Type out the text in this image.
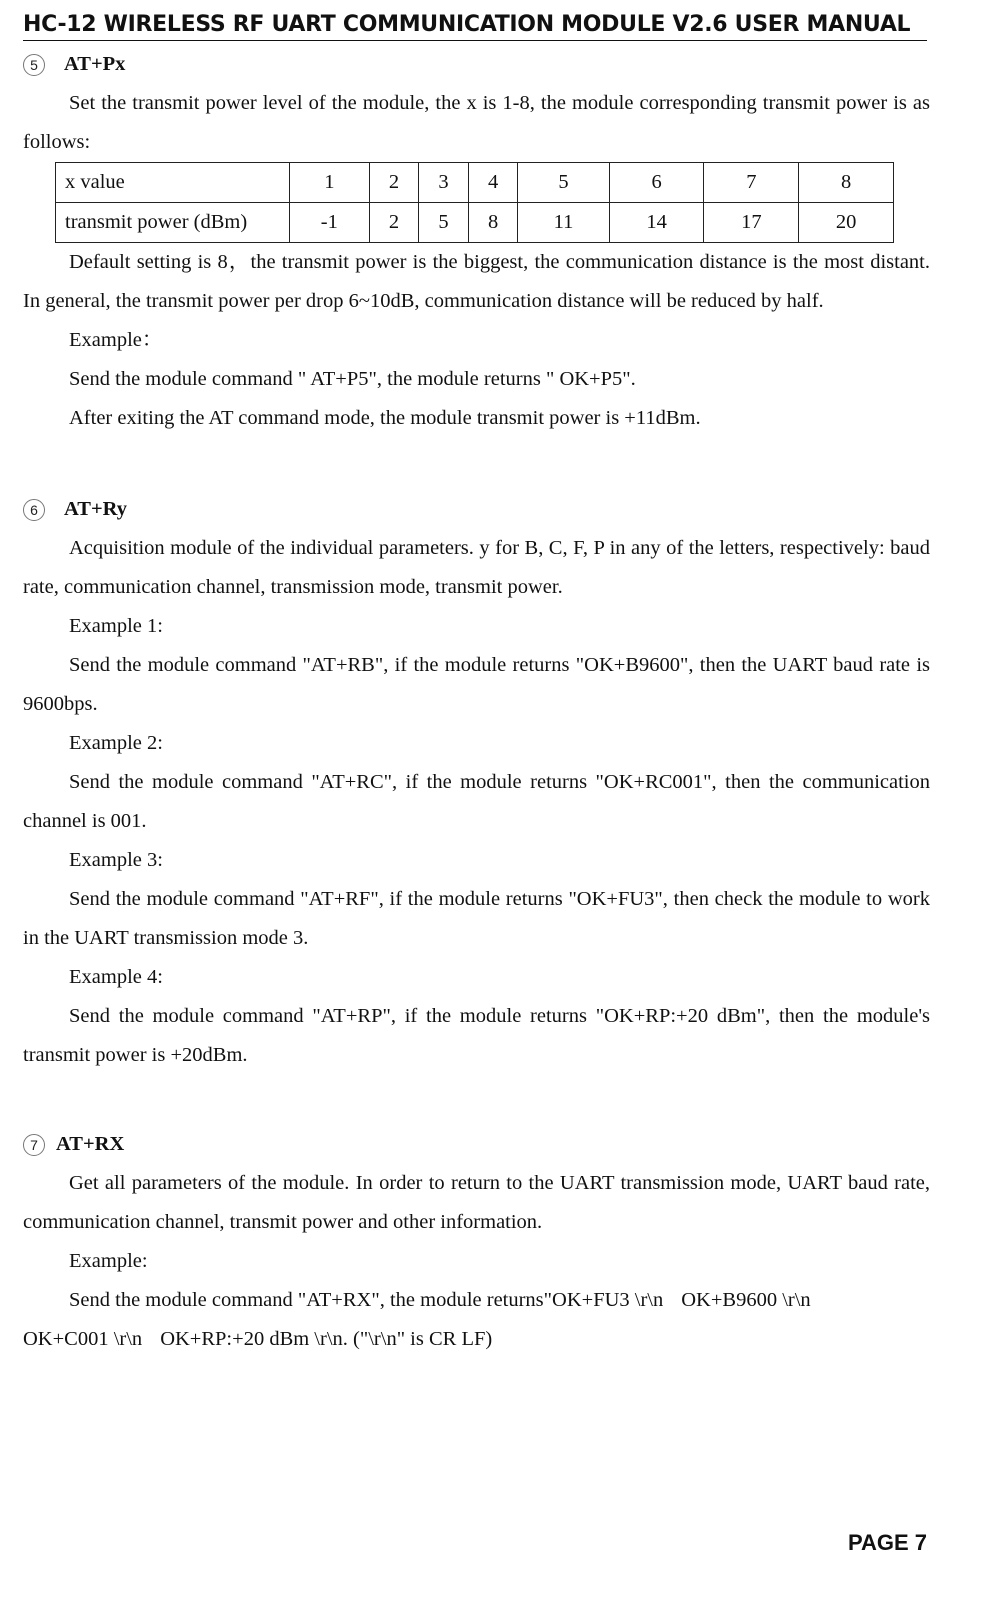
HC-12 WIRELESS RF UART COMMUNICATION MODULE V2.6 USER MANUAL
5	AT+Px

Set the transmit power level of the module, the x is 1-8, the module corresponding transmit power is as follows:

x value	1	2	3	4	5	6	7	8
transmit power (dBm)	-1	2	5	8	11	14	17	20

Default setting is 8，the transmit power is the biggest, the communication distance is the most distant. In general, the transmit power per drop 6~10dB, communication distance will be reduced by half.

Example：

Send the module command " AT+P5", the module returns " OK+P5".

After exiting the AT command mode, the module transmit power is +11dBm.

6	AT+Ry

Acquisition module of the individual parameters. y for B, C, F, P in any of the letters, respectively: baud rate, communication channel, transmission mode, transmit power.

Example 1:

Send the module command "AT+RB", if the module returns "OK+B9600", then the UART baud rate is 9600bps.

Example 2:

Send the module command "AT+RC", if the module returns "OK+RC001", then the communication channel is 001.

Example 3:

Send the module command "AT+RF", if the module returns "OK+FU3", then check the module to work in the UART transmission mode 3.

Example 4:

Send the module command "AT+RP", if the module returns "OK+RP:+20 dBm", then the module's transmit power is +20dBm.

7 AT+RX

Get all parameters of the module. In order to return to the UART transmission mode, UART baud rate, communication channel, transmit power and other information.

Example:

Send the module command "AT+RX", the module returns"OK+FU3 \r\n OK+B9600 \r\n

OK+C001 \r\n OK+RP:+20 dBm \r\n. ("\r\n" is CR LF)

PAGE 7
